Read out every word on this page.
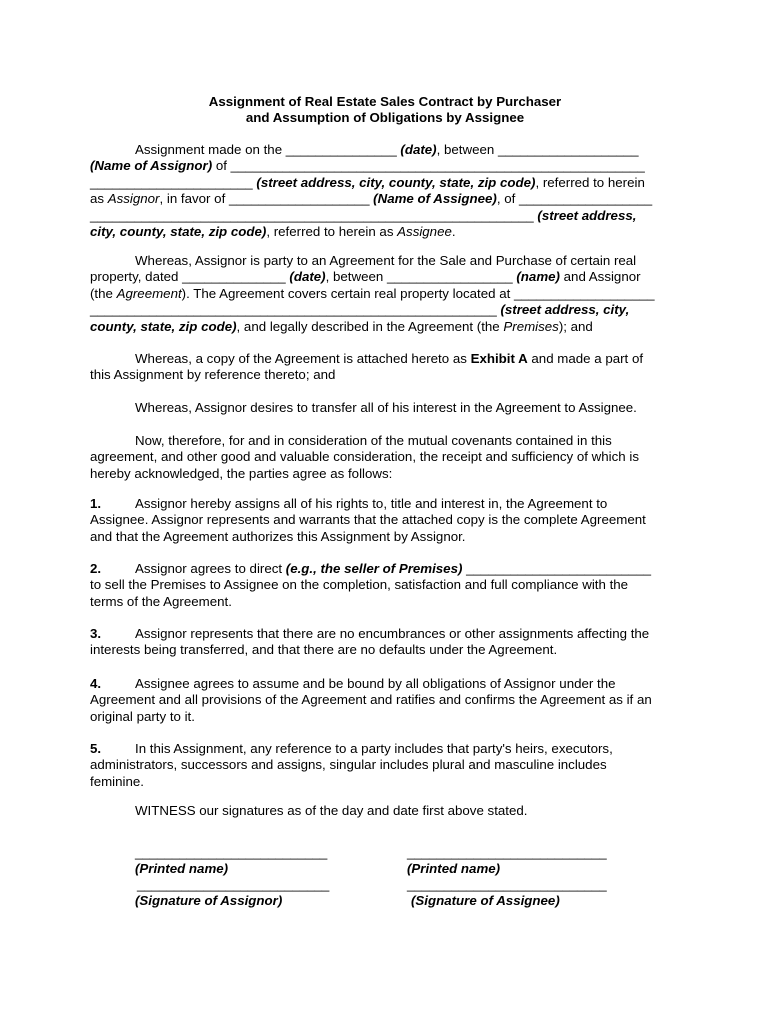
Assignment of Real Estate Sales Contract by Purchaser
and Assumption of Obligations by Assignee
Assignment made on the _______________ (date), between ___________________
(Name of Assignor) of ________________________________________________________
______________________ (street address, city, county, state, zip code), referred to herein
as Assignor, in favor of ___________________ (Name of Assignee), of __________________
____________________________________________________________ (street address,
city, county, state, zip code), referred to herein as Assignee.
Whereas, Assignor is party to an Agreement for the Sale and Purchase of certain real
property, dated ______________ (date), between _________________ (name) and Assignor
(the Agreement). The Agreement covers certain real property located at ___________________
_______________________________________________________ (street address, city,
county, state, zip code), and legally described in the Agreement (the Premises); and
Whereas, a copy of the Agreement is attached hereto as Exhibit A and made a part of
this Assignment by reference thereto; and
Whereas, Assignor desires to transfer all of his interest in the Agreement to Assignee.
Now, therefore, for and in consideration of the mutual covenants contained in this
agreement, and other good and valuable consideration, the receipt and sufficiency of which is
hereby acknowledged, the parties agree as follows:
1.	Assignor hereby assigns all of his rights to, title and interest in, the Agreement to
Assignee. Assignor represents and warrants that the attached copy is the complete Agreement
and that the Agreement authorizes this Assignment by Assignor.
2.	Assignor agrees to direct (e.g., the seller of Premises) _________________________
to sell the Premises to Assignee on the completion, satisfaction and full compliance with the
terms of the Agreement.
3.	Assignor represents that there are no encumbrances or other assignments affecting the
interests being transferred, and that there are no defaults under the Agreement.
4.	Assignee agrees to assume and be bound by all obligations of Assignor under the
Agreement and all provisions of the Agreement and ratifies and confirms the Agreement as if an
original party to it.
5.	In this Assignment, any reference to a party includes that party's heirs, executors,
administrators, successors and assigns, singular includes plural and masculine includes
feminine.
WITNESS our signatures as of the day and date first above stated.
__________________________
(Printed name)
___________________________
(Printed name)
__________________________
(Signature of Assignor)
___________________________
(Signature of Assignee)
